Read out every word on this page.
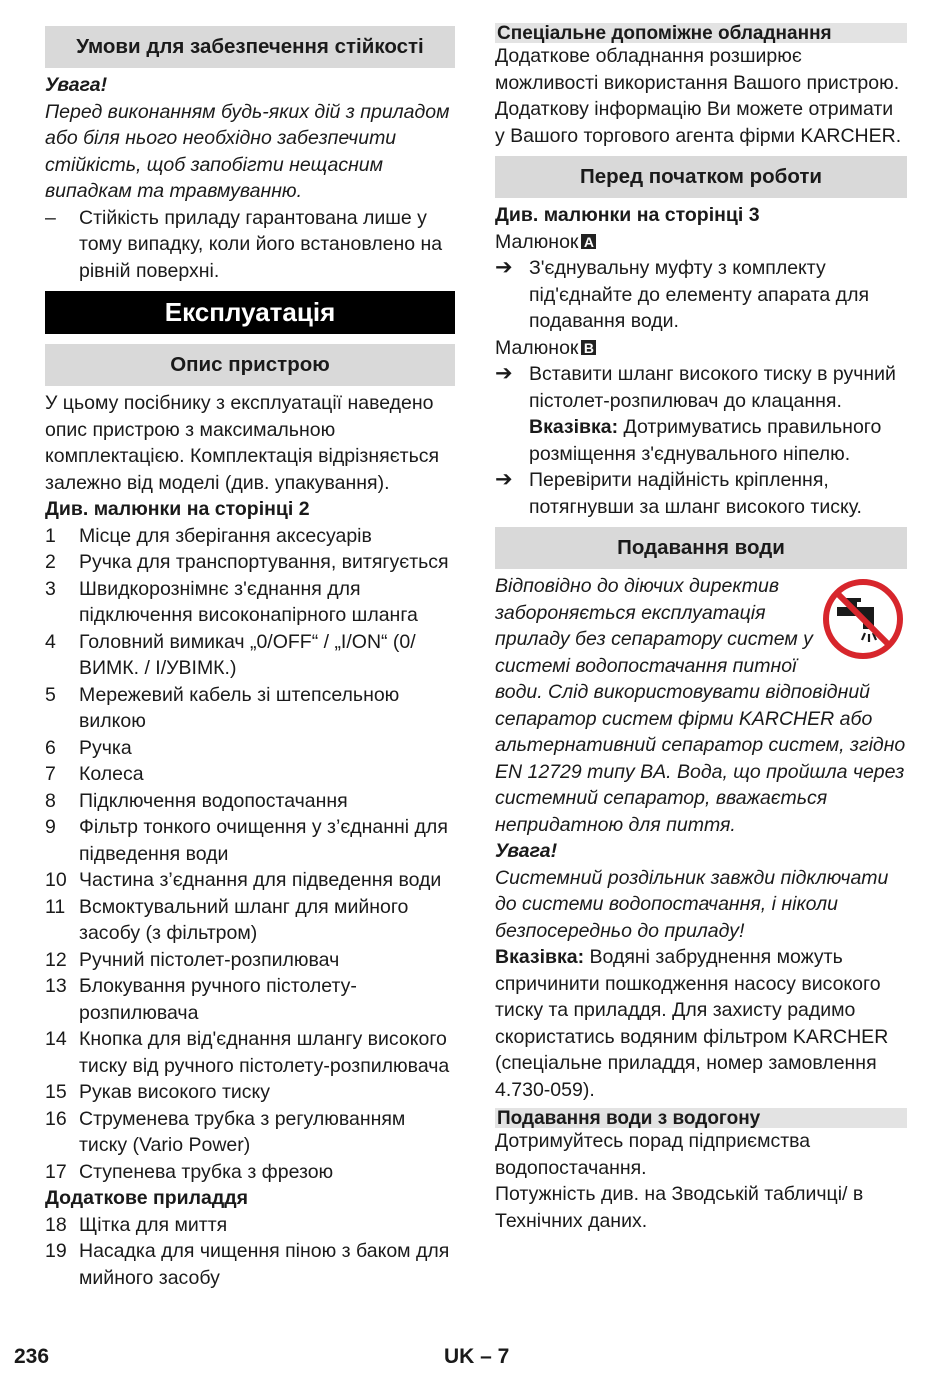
Умови для забезпечення стійкості

Увага!

Перед виконанням будь-яких дій з приладом або біля нього необхідно забезпечити стійкість, щоб запобігти нещасним випадкам та травмуванню.

–	Стійкість приладу гарантована лише у тому випадку, коли його встановлено на рівній поверхні.
Експлуатація
Опис пристрою

У цьому посібнику з експлуатації наведено опис пристрою з максимальною комплектацією. Комплектація відрізняється залежно від моделі (див. упакування).

Див. малюнки на сторінці 2

1	Місце для зберігання аксесуарів
2	Ручка для транспортування, витягується
3	Швидкорознімнє з'єднання для підключення високонапірного шланга
4	Головний вимикач „0/OFF“ / „I/ON“ (0/ ВИМК. / I/УВІМК.)
5	Мережевий кабель зі штепсельною вилкою
6	Ручка
7	Колеса
8	Підключення водопостачання
9	Фільтр тонкого очищення у з’єднанні для підведення води
10 Частина з’єднання для підведення води
11 Всмоктувальний шланг для мийного засобу (з фільтром)
12 Ручний пістолет-розпилювач
13 Блокування ручного пістолету-розпилювача
14 Кнопка для від'єднання шлангу високого тиску від ручного пістолету-розпилювача
15 Рукав високого тиску
16 Струменева трубка з регулюванням тиску (Vario Power)
17 Ступенева трубка з фрезою

Додаткове приладдя

18 Щітка для миття
19 Насадка для чищення піною з баком для мийного засобу
Спеціальне допоміжне обладнання

Додаткове обладнання розширює можливості використання Вашого пристрою. Додаткову інформацію Ви можете отримати у Вашого торгового агента фірми KARCHER.

Перед початком роботи

Див. малюнки на сторінці 3

Малюнок A

➔ З'єднувальну муфту з комплекту під'єднайте до елементу апарата для подавання води.

Малюнок B

➔ Вставити шланг високого тиску в ручний пістолет-розпилювач до клацання.
Вказівка: Дотримуватись правильного розміщення з'єднувального ніпелю.
➔ Перевірити надійність кріплення, потягнувши за шланг високого тиску.
Подавання води

Відповідно до діючих директив забороняється експлуатація приладу без сепаратору систем у системі водопостачання питної води. Слід використовувати відповідний сепаратор систем фірми KARCHER або альтернативний сепаратор систем, згідно EN 12729 типу BA. Вода, що пройшла через системний сепаратор, вважається непридатною для пиття.

Увага!

Системний роздільник завжди підключати до системи водопостачання, і ніколи безпосередньо до приладу!

Вказівка: Водяні забруднення можуть спричинити пошкодження насосу високого тиску та приладдя. Для захисту радимо скористатись водяним фільтром KARCHER (спеціальне приладдя, номер замовлення 4.730-059).

Подавання води з водогону

Дотримуйтесь порад підприємства водопостачання.

Потужність див. на Зводській табличці/ в Технічних даних.

236	UK – 7
